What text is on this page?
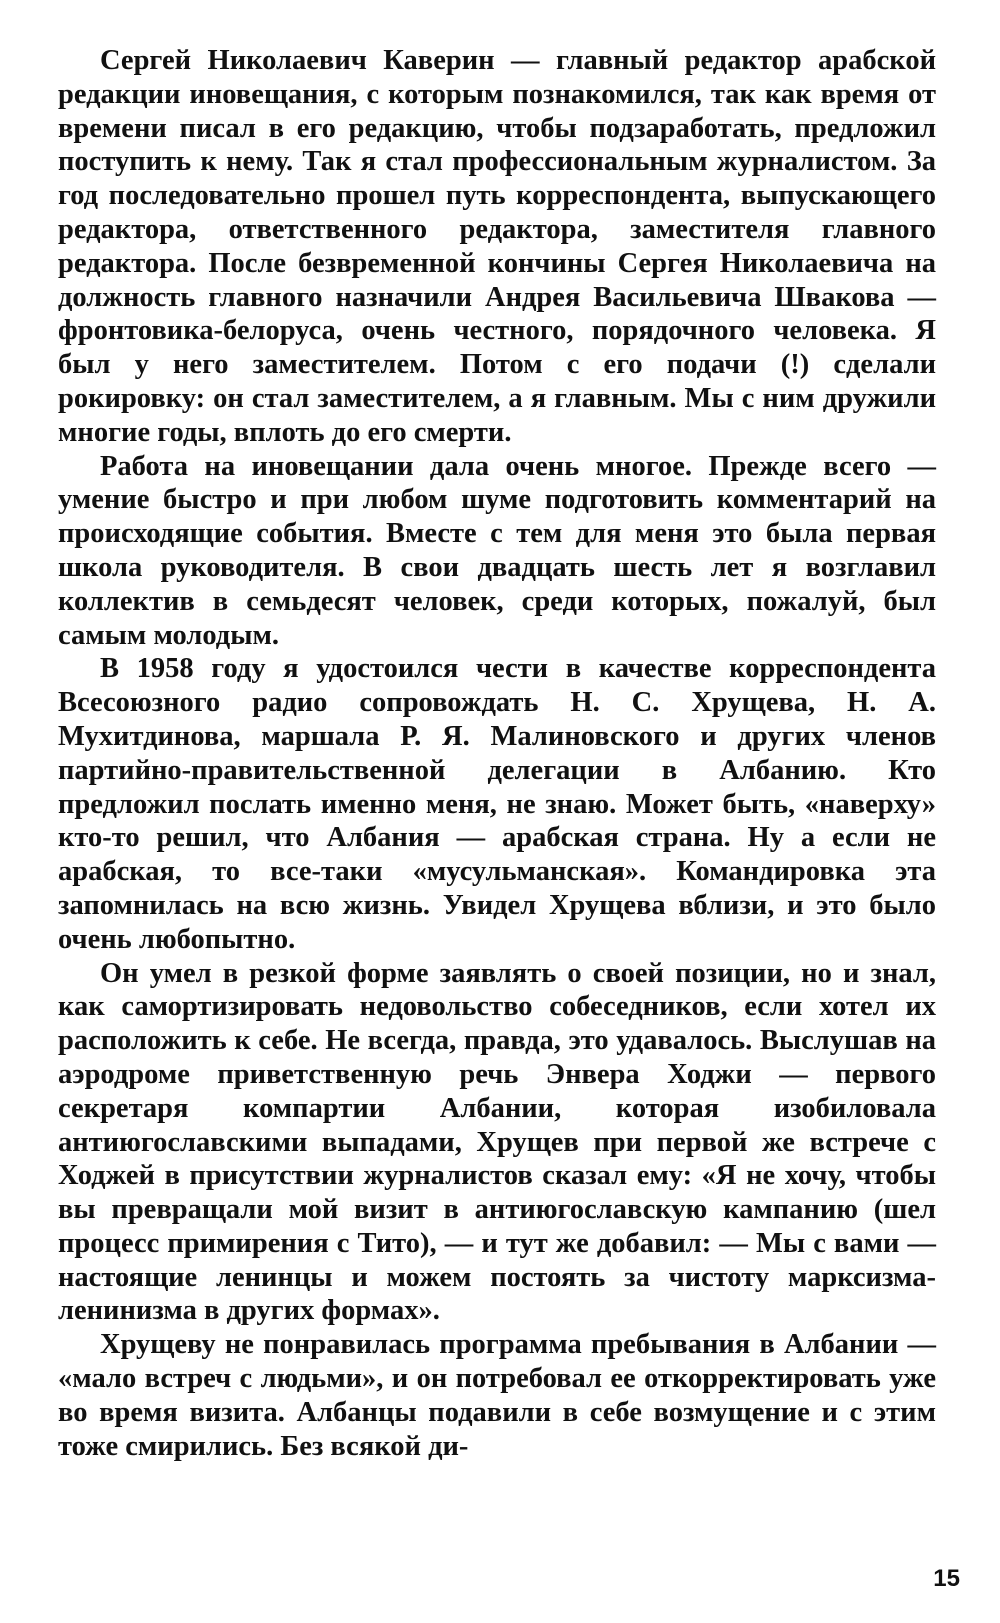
Сергей Николаевич Каверин — главный редактор арабской редакции иновещания, с которым познакомился, так как время от времени писал в его редакцию, чтобы подзаработать, предложил поступить к нему. Так я стал профессиональным журналистом. За год последовательно прошел путь корреспондента, выпускающего редактора, ответственного редактора, заместителя главного редактора. После безвременной кончины Сергея Николаевича на должность главного назначили Андрея Васильевича Швакова — фронтовика-белоруса, очень честного, порядочного человека. Я был у него заместителем. Потом с его подачи (!) сделали рокировку: он стал заместителем, а я главным. Мы с ним дружили многие годы, вплоть до его смерти.

Работа на иновещании дала очень многое. Прежде всего — умение быстро и при любом шуме подготовить комментарий на происходящие события. Вместе с тем для меня это была первая школа руководителя. В свои двадцать шесть лет я возглавил коллектив в семьдесят человек, среди которых, пожалуй, был самым молодым.

В 1958 году я удостоился чести в качестве корреспондента Всесоюзного радио сопровождать Н. С. Хрущева, Н. А. Мухитдинова, маршала Р. Я. Малиновского и других членов партийно-правительственной делегации в Албанию. Кто предложил послать именно меня, не знаю. Может быть, «наверху» кто-то решил, что Албания — арабская страна. Ну а если не арабская, то все-таки «мусульманская». Командировка эта запомнилась на всю жизнь. Увидел Хрущева вблизи, и это было очень любопытно.

Он умел в резкой форме заявлять о своей позиции, но и знал, как самортизировать недовольство собеседников, если хотел их расположить к себе. Не всегда, правда, это удавалось. Выслушав на аэродроме приветственную речь Энвера Ходжи — первого секретаря компартии Албании, которая изобиловала антиюгославскими выпадами, Хрущев при первой же встрече с Ходжей в присутствии журналистов сказал ему: «Я не хочу, чтобы вы превращали мой визит в антиюгославскую кампанию (шел процесс примирения с Тито), — и тут же добавил: — Мы с вами — настоящие ленинцы и можем постоять за чистоту марксизма-ленинизма в других формах».

Хрущеву не понравилась программа пребывания в Албании — «мало встреч с людьми», и он потребовал ее откорректировать уже во время визита. Албанцы подавили в себе возмущение и с этим тоже смирились. Без всякой ди-

15
